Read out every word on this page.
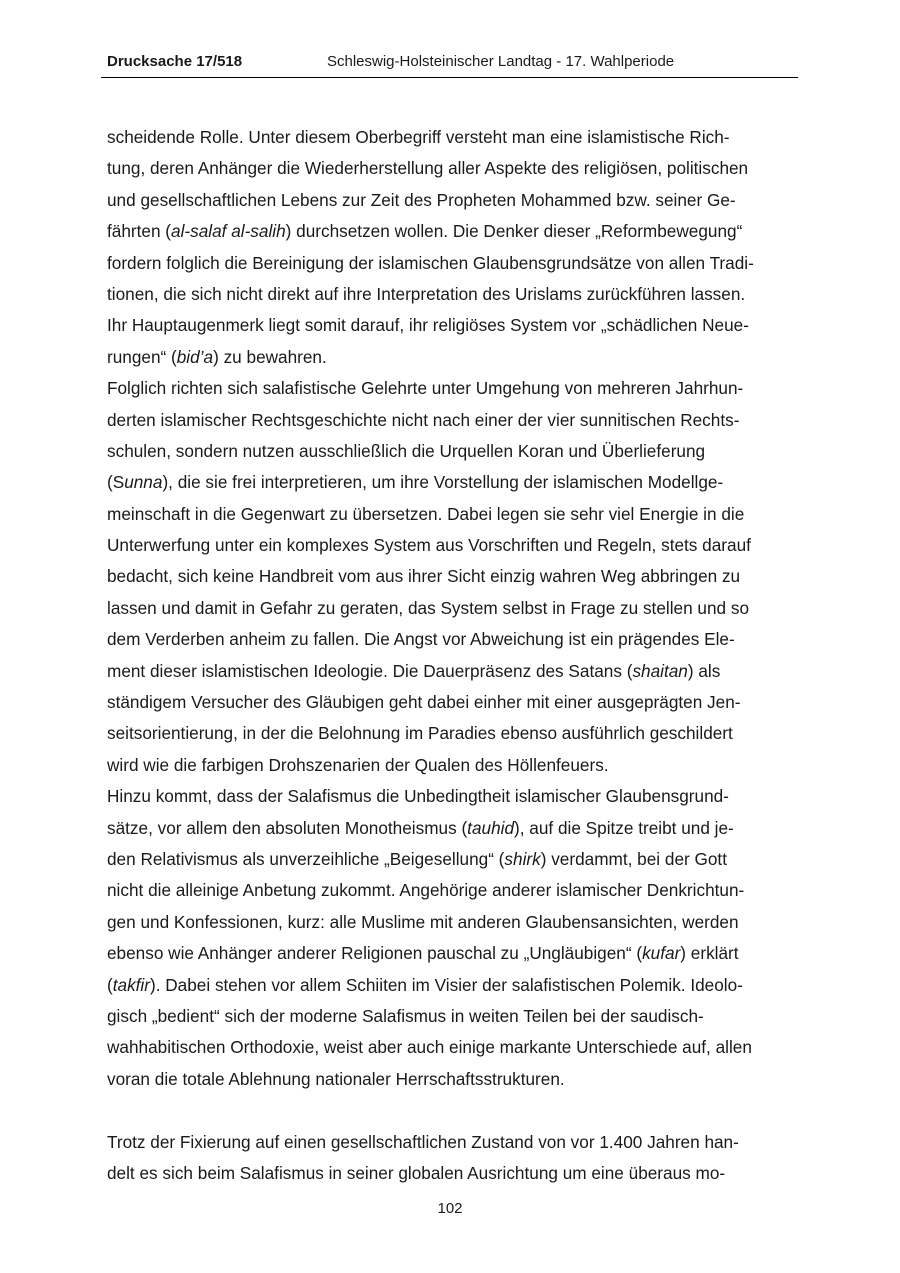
Drucksache 17/518	Schleswig-Holsteinischer Landtag - 17. Wahlperiode
scheidende Rolle. Unter diesem Oberbegriff versteht man eine islamistische Rich-
tung, deren Anhänger die Wiederherstellung aller Aspekte des religiösen, politischen
und gesellschaftlichen Lebens zur Zeit des Propheten Mohammed bzw. seiner Ge-
fährten (al-salaf al-salih) durchsetzen wollen. Die Denker dieser „Reformbewegung“
fordern folglich die Bereinigung der islamischen Glaubensgrundsätze von allen Tradi-
tionen, die sich nicht direkt auf ihre Interpretation des Urislams zurückführen lassen.
Ihr Hauptaugenmerk liegt somit darauf, ihr religiöses System vor „schädlichen Neue-
rungen“ (bid’a) zu bewahren.
Folglich richten sich salafistische Gelehrte unter Umgehung von mehreren Jahrhun-
derten islamischer Rechtsgeschichte nicht nach einer der vier sunnitischen Rechts-
schulen, sondern nutzen ausschließlich die Urquellen Koran und Überlieferung
(Sunna), die sie frei interpretieren, um ihre Vorstellung der islamischen Modellge-
meinschaft in die Gegenwart zu übersetzen. Dabei legen sie sehr viel Energie in die
Unterwerfung unter ein komplexes System aus Vorschriften und Regeln, stets darauf
bedacht, sich keine Handbreit vom aus ihrer Sicht einzig wahren Weg abbringen zu
lassen und damit in Gefahr zu geraten, das System selbst in Frage zu stellen und so
dem Verderben anheim zu fallen. Die Angst vor Abweichung ist ein prägendes Ele-
ment dieser islamistischen Ideologie. Die Dauerpräsenz des Satans (shaitan) als
ständigem Versucher des Gläubigen geht dabei einher mit einer ausgeprägten Jen-
seitsorientierung, in der die Belohnung im Paradies ebenso ausführlich geschildert
wird wie die farbigen Drohszenarien der Qualen des Höllenfeuers.
Hinzu kommt, dass der Salafismus die Unbedingtheit islamischer Glaubensgrund-
sätze, vor allem den absoluten Monotheismus (tauhid), auf die Spitze treibt und je-
den Relativismus als unverzeihliche „Beigesellung“ (shirk) verdammt, bei der Gott
nicht die alleinige Anbetung zukommt. Angehörige anderer islamischer Denkrichtun-
gen und Konfessionen, kurz: alle Muslime mit anderen Glaubensansichten, werden
ebenso wie Anhänger anderer Religionen pauschal zu „Ungläubigen“ (kufar) erklärt
(takfir). Dabei stehen vor allem Schiiten im Visier der salafistischen Polemik. Ideolo-
gisch „bedient“ sich der moderne Salafismus in weiten Teilen bei der saudisch-
wahhabitischen Orthodoxie, weist aber auch einige markante Unterschiede auf, allen
voran die totale Ablehnung nationaler Herrschaftsstrukturen.
Trotz der Fixierung auf einen gesellschaftlichen Zustand von vor 1.400 Jahren han-
delt es sich beim Salafismus in seiner globalen Ausrichtung um eine überaus mo-
102
